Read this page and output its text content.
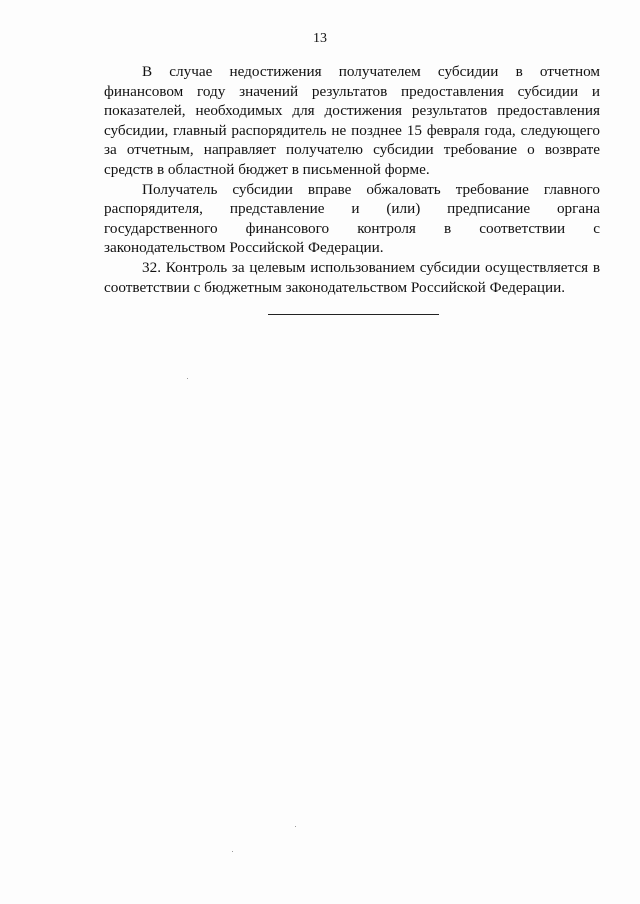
13

В случае недостижения получателем субсидии в отчетном финансовом году значений результатов предоставления субсидии и показателей, необходимых для достижения результатов предоставления субсидии, главный распорядитель не позднее 15 февраля года, следующего за отчетным, направляет получателю субсидии требование о возврате средств в областной бюджет в письменной форме.

Получатель субсидии вправе обжаловать требование главного распорядителя, представление и (или) предписание органа государственного финансового контроля в соответствии с законодательством Российской Федерации.

32. Контроль за целевым использованием субсидии осуществляется в соответствии с бюджетным законодательством Российской Федерации.
